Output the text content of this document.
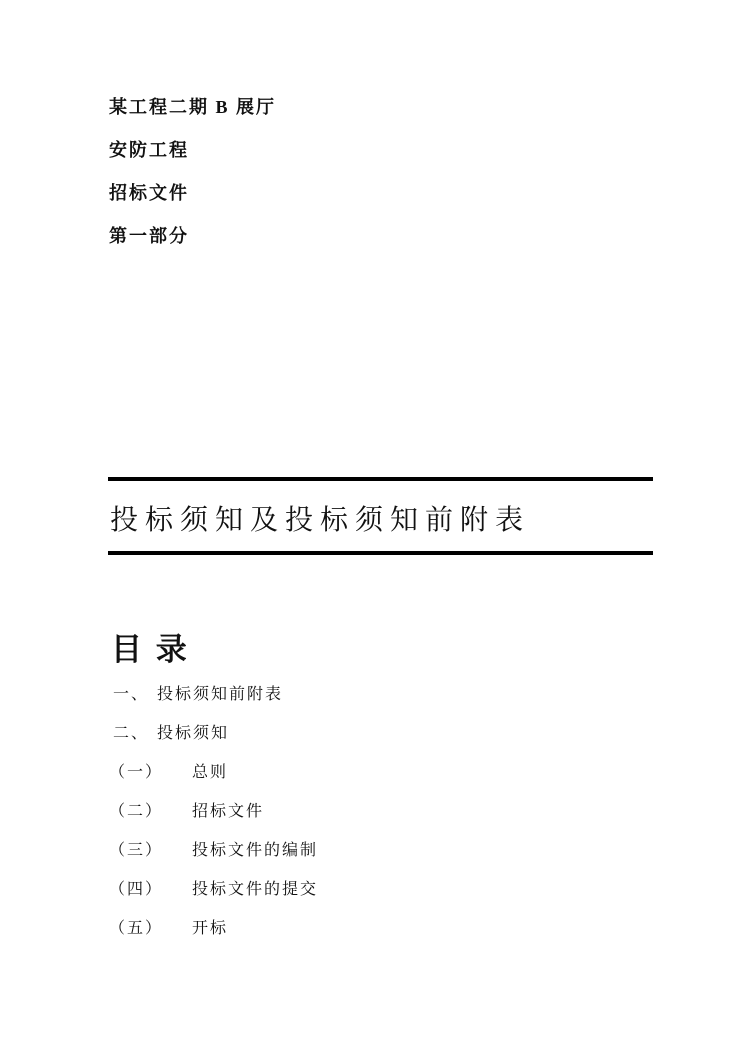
某工程二期 B 展厅
安防工程
招标文件
第一部分
投标须知及投标须知前附表
目 录
一、 投标须知前附表
二、 投标须知
（一）	总则
（二）	招标文件
（三）	投标文件的编制
（四）	投标文件的提交
（五）	开标
